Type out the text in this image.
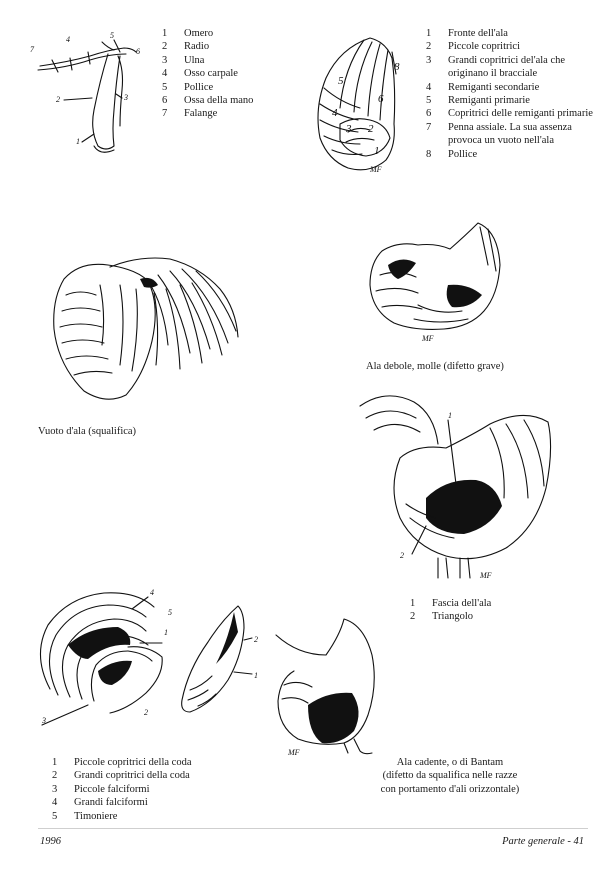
7
4	5
6
2	3
1
5
6
4
3 2
1
8
MF
MF
1
2
MF
3
2
1
4
5
2
1
MF
1	Omero
2	Radio
3	Ulna
4	Osso carpale
5	Pollice
6	Ossa della mano
7	Falange
1	Fronte dell'ala
2	Piccole copritrici
3	Grandi copritrici del'ala che originano il bracciale
4	Remiganti secondarie
5	Remiganti primarie
6	Copritrici delle remiganti primarie
7	Penna assiale. La sua assenza provoca un vuoto nell'ala
8	Pollice
Ala debole, molle (difetto grave)
Vuoto d'ala (squalifica)
1	Fascia dell'ala
2	Triangolo
1	Piccole copritrici della coda
2	Grandi copritrici della coda
3	Piccole falciformi
4	Grandi falciformi
5	Timoniere
Ala cadente, o di Bantam
(difetto da squalifica nelle razze
con portamento d'ali orizzontale)
1996	Parte generale - 41
